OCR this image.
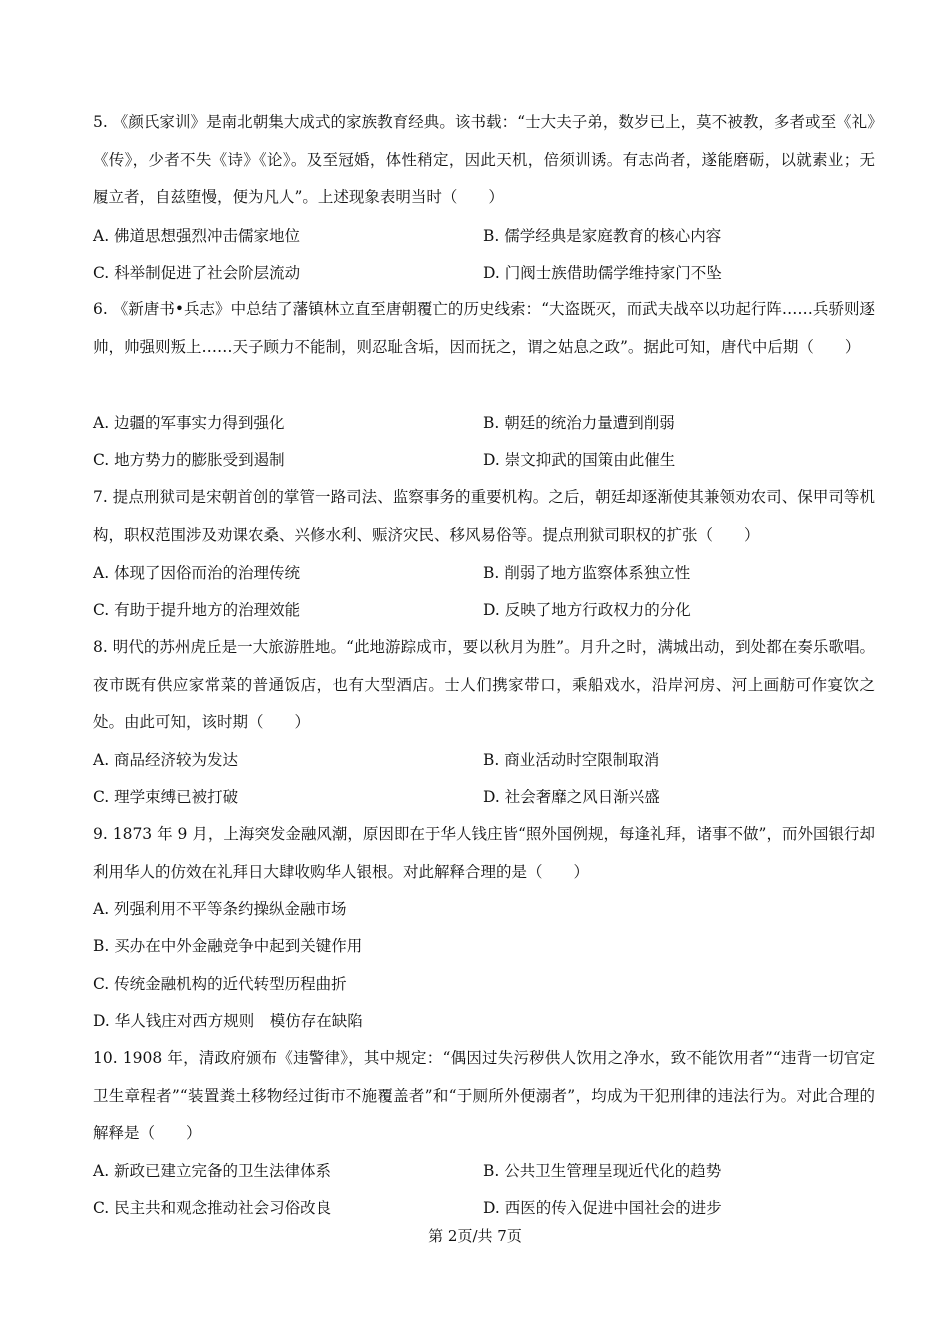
5. 《颜氏家训》是南北朝集大成式的家族教育经典。该书载：“士大夫子弟，数岁已上，莫不被教，多者或至《礼》《传》，少者不失《诗》《论》。及至冠婚，体性稍定，因此天机，倍须训诱。有志尚者，遂能磨砺，以就素业；无履立者，自兹堕慢，便为凡人”。上述现象表明当时（　　）

A. 佛道思想强烈冲击儒家地位	B. 儒学经典是家庭教育的核心内容
C. 科举制促进了社会阶层流动	D. 门阀士族借助儒学维持家门不坠

6. 《新唐书•兵志》中总结了藩镇林立直至唐朝覆亡的历史线索：“大盗既灭，而武夫战卒以功起行阵……兵骄则逐帅，帅强则叛上……天子顾力不能制，则忍耻含垢，因而抚之，谓之姑息之政”。据此可知，唐代中后期（　　）

A. 边疆的军事实力得到强化	B. 朝廷的统治力量遭到削弱
C. 地方势力的膨胀受到遏制	D. 崇文抑武的国策由此催生

7. 提点刑狱司是宋朝首创的掌管一路司法、监察事务的重要机构。之后，朝廷却逐渐使其兼领劝农司、保甲司等机构，职权范围涉及劝课农桑、兴修水利、赈济灾民、移风易俗等。提点刑狱司职权的扩张（　　）

A. 体现了因俗而治的治理传统	B. 削弱了地方监察体系独立性
C. 有助于提升地方的治理效能	D. 反映了地方行政权力的分化

8. 明代的苏州虎丘是一大旅游胜地。“此地游踪成市，要以秋月为胜”。月升之时，满城出动，到处都在奏乐歌唱。夜市既有供应家常菜的普通饭店，也有大型酒店。士人们携家带口，乘船戏水，沿岸河房、河上画舫可作宴饮之处。由此可知，该时期（　　）

A. 商品经济较为发达	B. 商业活动时空限制取消
C. 理学束缚已被打破	D. 社会奢靡之风日渐兴盛

9. 1873 年 9 月，上海突发金融风潮，原因即在于华人钱庄皆“照外国例规，每逢礼拜，诸事不做”，而外国银行却利用华人的仿效在礼拜日大肆收购华人银根。对此解释合理的是（　　）

A. 列强利用不平等条约操纵金融市场
B. 买办在中外金融竞争中起到关键作用
C. 传统金融机构的近代转型历程曲折
D. 华人钱庄对西方规则　模仿存在缺陷

10. 1908 年，清政府颁布《违警律》，其中规定：“偶因过失污秽供人饮用之净水，致不能饮用者”“违背一切官定卫生章程者”“装置粪土移物经过街市不施覆盖者”和“于厕所外便溺者”，均成为干犯刑律的违法行为。对此合理的解释是（　　）

A. 新政已建立完备的卫生法律体系	B. 公共卫生管理呈现近代化的趋势
C. 民主共和观念推动社会习俗改良	D. 西医的传入促进中国社会的进步
第 2页/共 7页
